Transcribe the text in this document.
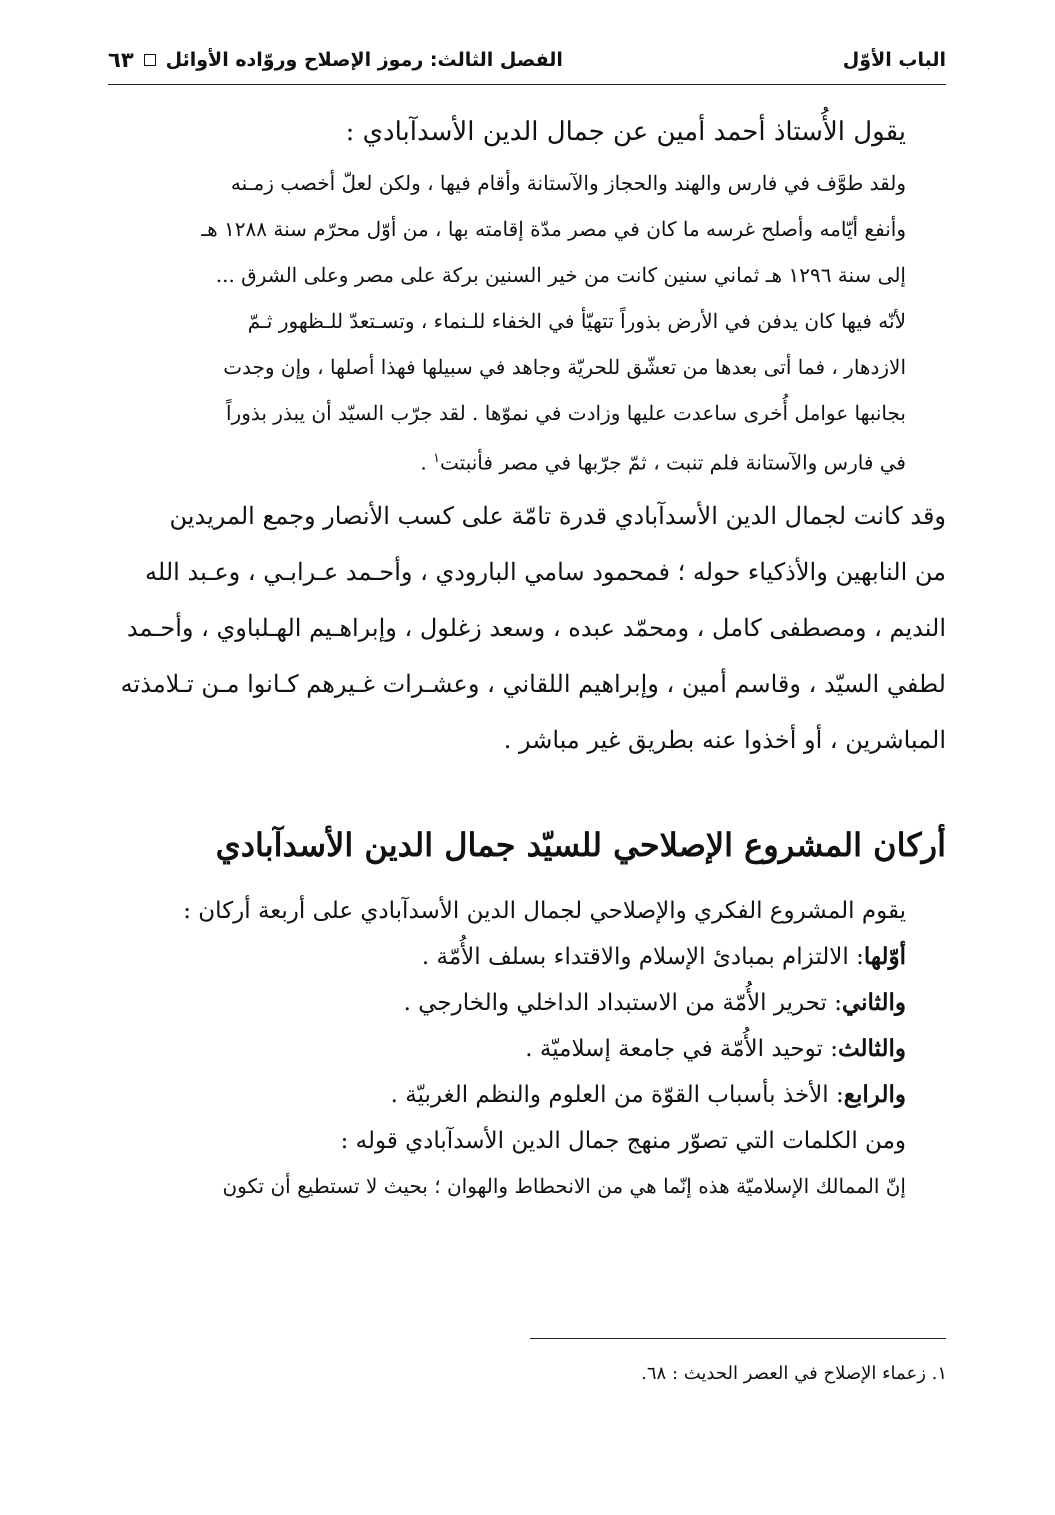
الباب الأوّل
الفصل الثالث: رموز الإصلاح وروّاده الأوائل
٦٣
يقول الأُستاذ أحمد أمين عن جمال الدين الأسدآبادي :
ولقد طوَّف في فارس والهند والحجاز والآستانة وأقام فيها ، ولكن لعلّ أخصب زمـنه
وأنفع أيّامه وأصلح غرسه ما كان في مصر مدّة إقامته بها ، من أوّل محرّم سنة ١٢٨٨ هـ
إلى سنة ١٢٩٦ هـ ثماني سنين كانت من خير السنين بركة على مصر وعلى الشرق ...
لأنّه فيها كان يدفن في الأرض بذوراً تتهيّأ في الخفاء للـنماء ، وتسـتعدّ للـظهور ثـمّ
الازدهار ، فما أتى بعدها من تعشّق للحريّة وجاهد في سبيلها فهذا أصلها ، وإن وجدت
بجانبها عوامل أُخرى ساعدت عليها وزادت في نموّها . لقد جرّب السيّد أن يبذر بذوراً
في فارس والآستانة فلم تنبت ، ثمّ جرّبها في مصر فأنبتت$^١$ .
وقد كانت لجمال الدين الأسدآبادي قدرة تامّة على كسب الأنصار وجمع المريدين
من النابهين والأذكياء حوله ؛ فمحمود سامي البارودي ، وأحـمد عـرابـي ، وعـبد الله
النديم ، ومصطفى كامل ، ومحمّد عبده ، وسعد زغلول ، وإبراهـيم الهـلباوي ، وأحـمد
لطفي السيّد ، وقاسم أمين ، وإبراهيم اللقاني ، وعشـرات غـيرهم كـانوا مـن تـلامذته
المباشرين ، أو أخذوا عنه بطريق غير مباشر .
أركان المشروع الإصلاحي للسيّد جمال الدين الأسدآبادي
يقوم المشروع الفكري والإصلاحي لجمال الدين الأسدآبادي على أربعة أركان :
أوّلها: الالتزام بمبادئ الإسلام والاقتداء بسلف الأُمّة .
والثاني: تحرير الأُمّة من الاستبداد الداخلي والخارجي .
والثالث: توحيد الأُمّة في جامعة إسلاميّة .
والرابع: الأخذ بأسباب القوّة من العلوم والنظم الغربيّة .
ومن الكلمات التي تصوّر منهج جمال الدين الأسدآبادي قوله :
إنّ الممالك الإسلاميّة هذه إنّما هي من الانحطاط والهوان ؛ بحيث لا تستطيع أن تكون
١. زعماء الإصلاح في العصر الحديث : ٦٨.
